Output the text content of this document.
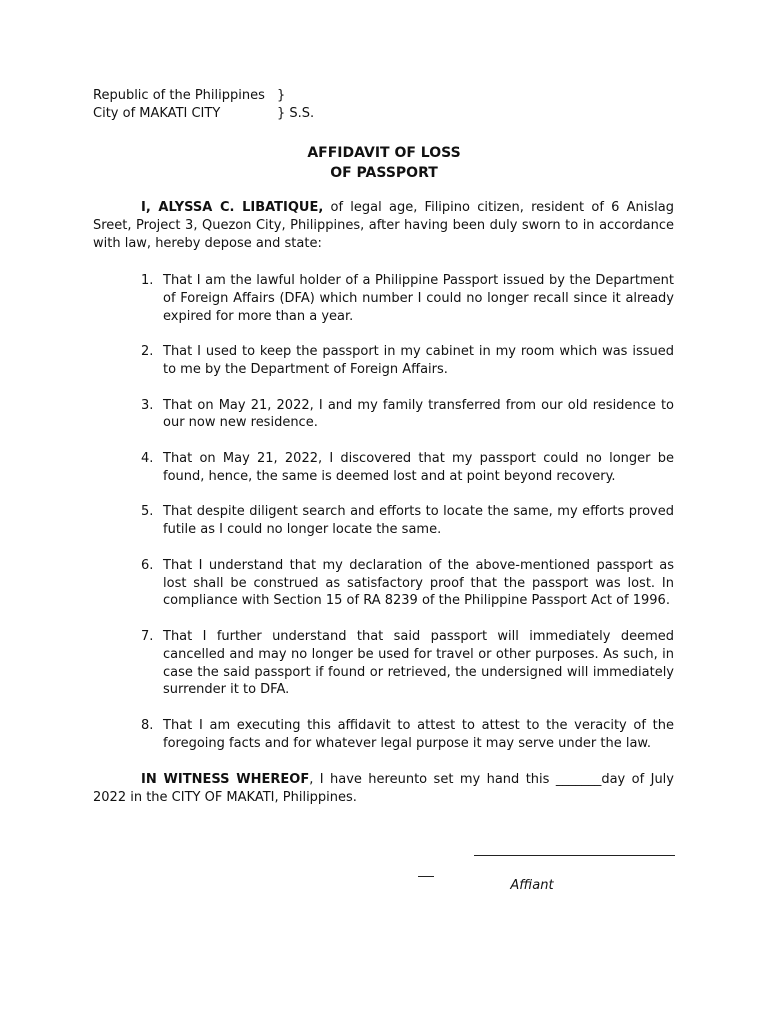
Republic of the Philippines }
City of MAKATI CITY	} S.S.
AFFIDAVIT OF LOSS
OF PASSPORT

I, ALYSSA C. LIBATIQUE, of legal age, Filipino citizen, resident of 6 Anislag Sreet, Project 3, Quezon City, Philippines, after having been duly sworn to in accordance with law, hereby depose and state:

1. That I am the lawful holder of a Philippine Passport issued by the Department of Foreign Affairs (DFA) which number I could no longer recall since it already expired for more than a year.
2. That I used to keep the passport in my cabinet in my room which was issued to me by the Department of Foreign Affairs.
3. That on May 21, 2022, I and my family transferred from our old residence to our now new residence.
4. That on May 21, 2022, I discovered that my passport could no longer be found, hence, the same is deemed lost and at point beyond recovery.
5. That despite diligent search and efforts to locate the same, my efforts proved futile as I could no longer locate the same.
6. That I understand that my declaration of the above-mentioned passport as lost shall be construed as satisfactory proof that the passport was lost. In compliance with Section 15 of RA 8239 of the Philippine Passport Act of 1996.
7. That I further understand that said passport will immediately deemed cancelled and may no longer be used for travel or other purposes. As such, in case the said passport if found or retrieved, the undersigned will immediately surrender it to DFA.
8. That I am executing this affidavit to attest to attest to the veracity of the foregoing facts and for whatever legal purpose it may serve under the law.

IN WITNESS WHEREOF, I have hereunto set my hand this _______day of July 2022 in the CITY OF MAKATI, Philippines.

Affiant
